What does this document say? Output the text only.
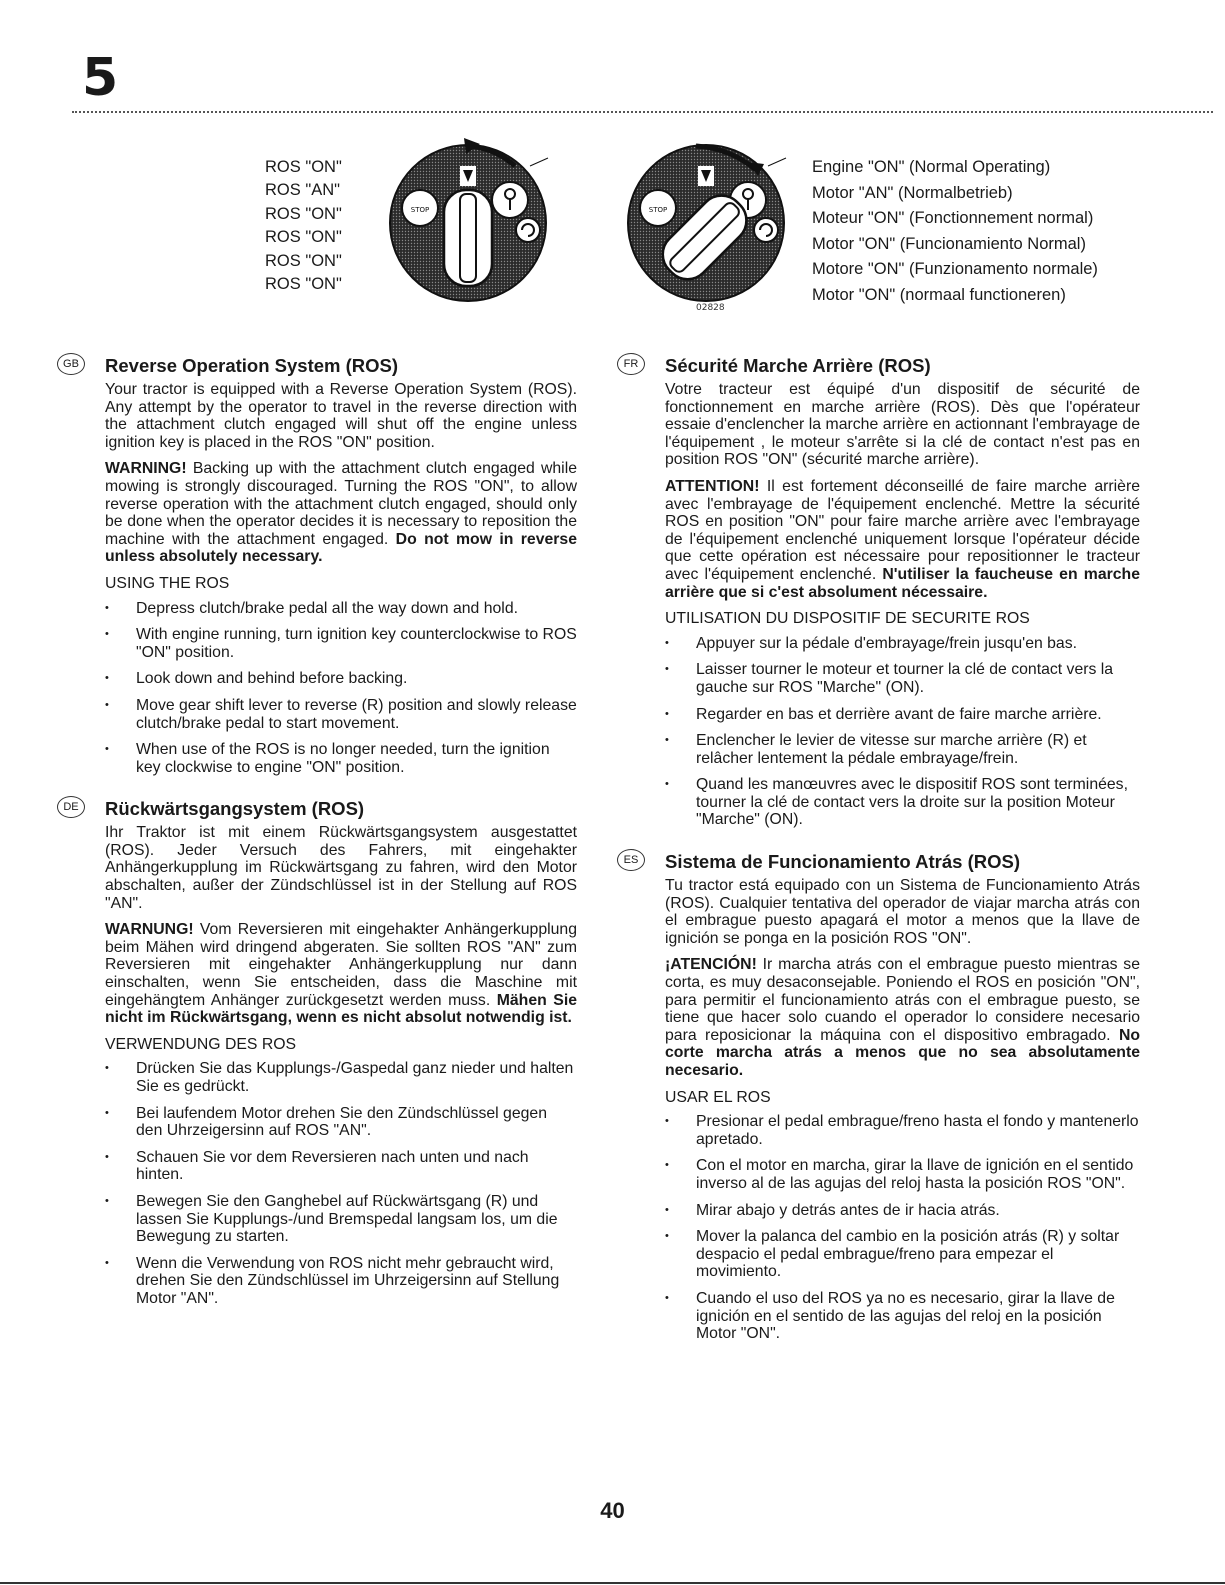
5
ROS "ON"
ROS "AN"
ROS "ON"
ROS "ON"
ROS "ON"
ROS "ON"
STOP	STOP
02828
Engine "ON" (Normal Operating)
Motor "AN" (Normalbetrieb)
Moteur "ON" (Fonctionnement normal)
Motor "ON" (Funcionamiento Normal)
Motore "ON" (Funzionamento normale)
Motor "ON" (normaal functioneren)
GB	Reverse Operation System (ROS)

Your tractor is equipped with a Reverse Operation System (ROS). Any attempt by the operator to travel in the reverse direction with the attachment clutch engaged will shut off the engine unless ignition key is placed in the ROS "ON" position.

WARNING! Backing up with the attachment clutch engaged while mowing is strongly discouraged. Turning the ROS "ON", to allow reverse operation with the attachment clutch engaged, should only be done when the operator decides it is necessary to reposition the machine with the attachment engaged. Do not mow in reverse unless absolutely necessary.

USING THE ROS
• Depress clutch/brake pedal all the way down and hold.
• With engine running, turn ignition key counterclockwise to ROS "ON" position.
• Look down and behind before backing.
• Move gear shift lever to reverse (R) position and slowly release clutch/brake pedal to start movement.
• When use of the ROS is no longer needed, turn the ignition key clockwise to engine "ON" position.
DE	Rückwärtsgangsystem (ROS)

Ihr Traktor ist mit einem Rückwärtsgangsystem ausgestattet (ROS). Jeder Versuch des Fahrers, mit eingehakter Anhängerkupplung im Rückwärtsgang zu fahren, wird den Motor abschalten, außer der Zündschlüssel ist in der Stellung auf ROS "AN".

WARNUNG! Vom Reversieren mit eingehakter Anhängerkupplung beim Mähen wird dringend abgeraten. Sie sollten ROS "AN" zum Reversieren mit eingehakter Anhängerkupplung nur dann einschalten, wenn Sie entscheiden, dass die Maschine mit eingehängtem Anhänger zurückgesetzt werden muss. Mähen Sie nicht im Rückwärtsgang, wenn es nicht absolut notwendig ist.

VERWENDUNG DES ROS
• Drücken Sie das Kupplungs-/Gaspedal ganz nieder und halten Sie es gedrückt.
• Bei laufendem Motor drehen Sie den Zündschlüssel gegen den Uhrzeigersinn auf ROS "AN".
• Schauen Sie vor dem Reversieren nach unten und nach hinten.
• Bewegen Sie den Ganghebel auf Rückwärtsgang (R) und lassen Sie Kupplungs-/und Bremspedal langsam los, um die Bewegung zu starten.
• Wenn die Verwendung von ROS nicht mehr gebraucht wird, drehen Sie den Zündschlüssel im Uhrzeigersinn auf Stellung Motor "AN".
FR	Sécurité Marche Arrière (ROS)

Votre tracteur est équipé d'un dispositif de sécurité de fonctionnement en marche arrière (ROS). Dès que l'opérateur essaie d'enclencher la marche arrière en actionnant l'embrayage de l'équipement , le moteur s'arrête si la clé de contact n'est pas en position ROS "ON" (sécurité marche arrière).

ATTENTION! Il est fortement déconseillé de faire marche arrière avec l'embrayage de l'équipement enclenché. Mettre la sécurité ROS en position "ON" pour faire marche arrière avec l'embrayage de l'équipement enclenché uniquement lorsque l'opérateur décide que cette opération est nécessaire pour repositionner le tracteur avec l'équipement enclenché. N'utiliser la faucheuse en marche arrière que si c'est absolument nécessaire.

UTILISATION DU DISPOSITIF DE SECURITE ROS
• Appuyer sur la pédale d'embrayage/frein jusqu'en bas.
• Laisser tourner le moteur et tourner la clé de contact vers la gauche sur ROS "Marche" (ON).
• Regarder en bas et derrière avant de faire marche arrière.
• Enclencher le levier de vitesse sur marche arrière (R) et relâcher lentement la pédale embrayage/frein.
• Quand les manœuvres avec le dispositif ROS sont terminées, tourner la clé de contact vers la droite sur la position Moteur "Marche" (ON).
ES	Sistema de Funcionamiento Atrás (ROS)

Tu tractor está equipado con un Sistema de Funcionamiento Atrás (ROS). Cualquier tentativa del operador de viajar marcha atrás con el embrague puesto apagará el motor a menos que la llave de ignición se ponga en la posición ROS "ON".

¡ATENCIÓN! Ir marcha atrás con el embrague puesto mientras se corta, es muy desaconsejable. Poniendo el ROS en posición "ON", para permitir el funcionamiento atrás con el embrague puesto, se tiene que hacer solo cuando el operador lo considere necesario para reposicionar la máquina con el dispositivo embragado. No corte marcha atrás a menos que no sea absolutamente necesario.

USAR EL ROS
• Presionar el pedal embrague/freno hasta el fondo y mantenerlo apretado.
• Con el motor en marcha, girar la llave de ignición en el sentido inverso al de las agujas del reloj hasta la posición ROS "ON".
• Mirar abajo y detrás antes de ir hacia atrás.
• Mover la palanca del cambio en la posición atrás (R) y soltar despacio el pedal embrague/freno para empezar el movimiento.
• Cuando el uso del ROS ya no es necesario, girar la llave de ignición en el sentido de las agujas del reloj en la posición Motor "ON".
40
